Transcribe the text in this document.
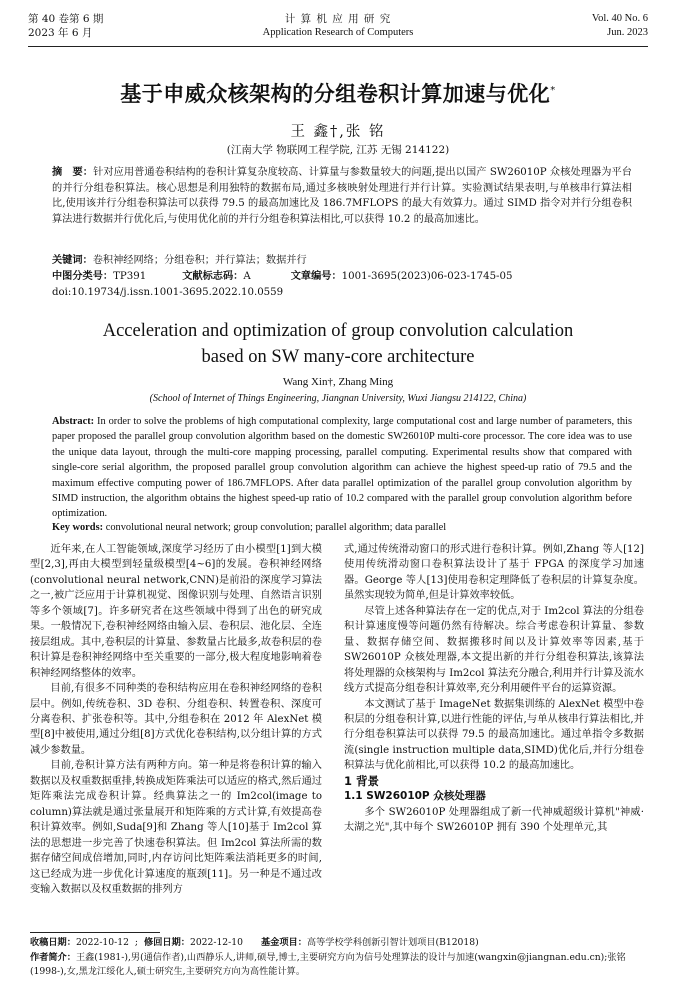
第 40 卷第 6 期
2023 年 6 月
计 算 机 应 用 研 究
Application Research of Computers
Vol. 40 No. 6
Jun. 2023
基于申威众核架构的分组卷积计算加速与优化*
王 鑫†,张 铭
(江南大学 物联网工程学院, 江苏 无锡 214122)
摘　要：针对应用普通卷积结构的卷积计算复杂度较高、计算量与参数量较大的问题,提出以国产 SW26010P 众核处理器为平台的并行分组卷积算法。核心思想是利用独特的数据布局,通过多核映射处理进行并行计算。实验测试结果表明,与单核串行算法相比,使用该并行分组卷积算法可以获得 79.5 的最高加速比及 186.7MFLOPS 的最大有效算力。通过 SIMD 指令对并行分组卷积算法进行数据并行优化后,与使用优化前的并行分组卷积算法相比,可以获得 10.2 的最高加速比。
关键词：卷积神经网络；分组卷积；并行算法；数据并行
中图分类号：TP391	文献标志码：A	文章编号：1001-3695(2023)06-023-1745-05
doi:10.19734/j.issn.1001-3695.2022.10.0559
Acceleration and optimization of group convolution calculation
based on SW many-core architecture
Wang Xin†, Zhang Ming
(School of Internet of Things Engineering, Jiangnan University, Wuxi Jiangsu 214122, China)
Abstract: In order to solve the problems of high computational complexity, large computational cost and large number of parameters, this paper proposed the parallel group convolution algorithm based on the domestic SW26010P multi-core processor. The core idea was to use the unique data layout, through the multi-core mapping processing, parallel computing. Experimental results show that compared with single-core serial algorithm, the proposed parallel group convolution algorithm can achieve the highest speed-up ratio of 79.5 and the maximum effective computing power of 186.7MFLOPS. After data parallel optimization of the parallel group convolution algorithm by SIMD instruction, the algorithm obtains the highest speed-up ratio of 10.2 compared with the parallel group convolution algorithm before optimization.
Key words: convolutional neural network; group convolution; parallel algorithm; data parallel

近年来,在人工智能领域,深度学习经历了由小模型[1]到大模型[2,3],再由大模型到轻量级模型[4~6]的发展。卷积神经网络(convolutional neural network,CNN)是前沿的深度学习算法之一,被广泛应用于计算机视觉、图像识别与处理、自然语言识别等多个领域[7]。许多研究者在这些领域中得到了出色的研究成果。一般情况下,卷积神经网络由输入层、卷积层、池化层、全连接层组成。其中,卷积层的计算量、参数量占比最多,故卷积层的卷积计算是卷积神经网络中至关重要的一部分,极大程度地影响着卷积神经网络整体的效率。

目前,有很多不同种类的卷积结构应用在卷积神经网络的卷积层中。例如,传统卷积、3D 卷积、分组卷积、转置卷积、深度可分离卷积、扩张卷积等。其中,分组卷积在 2012 年 AlexNet 模型[8]中被使用,通过分组[8]方式优化卷积结构,以分组计算的方式减少参数量。

目前,卷积计算方法有两种方向。第一种是将卷积计算的输入数据以及权重数据重排,转换成矩阵乘法可以适应的格式,然后通过矩阵乘法完成卷积计算。经典算法之一的 Im2col(image to column)算法就是通过张量展开和矩阵乘的方式计算,有效提高卷积计算效率。例如,Suda[9]和 Zhang 等人[10]基于 Im2col 算法的思想进一步完善了快速卷积算法。但 Im2col 算法所需的数据存储空间成倍增加,同时,内存访问比矩阵乘法消耗更多的时间,这已经成为进一步优化计算速度的瓶颈[11]。另一种是不通过改变输入数据以及权重数据的排列方

式,通过传统滑动窗口的形式进行卷积计算。例如,Zhang 等人[12]使用传统滑动窗口卷积算法设计了基于 FPGA 的深度学习加速器。George 等人[13]使用卷积定理降低了卷积层的计算复杂度。虽然实现较为简单,但是计算效率较低。

尽管上述各种算法存在一定的优点,对于 Im2col 算法的分组卷积计算速度慢等问题仍然有待解决。综合考虑卷积计算量、参数量、数据存储空间、数据搬移时间以及计算效率等因素,基于 SW26010P 众核处理器,本文提出新的并行分组卷积算法,该算法将处理器的众核架构与 Im2col 算法充分融合,利用并行计算及流水线方式提高分组卷积计算效率,充分利用硬件平台的运算资源。

本文测试了基于 ImageNet 数据集训练的 AlexNet 模型中卷积层的分组卷积计算,以进行性能的评估,与单从核串行算法相比,并行分组卷积算法可以获得 79.5 的最高加速比。通过单指令多数据流(single instruction multiple data,SIMD)优化后,并行分组卷积算法与优化前相比,可以获得 10.2 的最高加速比。

1 背景

1.1 SW26010P 众核处理器

多个 SW26010P 处理器组成了新一代神威超级计算机"神威·太湖之光",其中每个 SW26010P 拥有 390 个处理单元,其

收稿日期：2022-10-12 ; 修回日期：2022-12-10 基金项目：高等学校学科创新引智计划项目(B12018)
作者简介：王鑫(1981-),男(通信作者),山西静乐人,讲师,硕导,博士,主要研究方向为信号处理算法的设计与加速(wangxin@jiangnan.edu.cn);张铭(1998-),女,黑龙江绥化人,硕士研究生,主要研究方向为高性能计算。
